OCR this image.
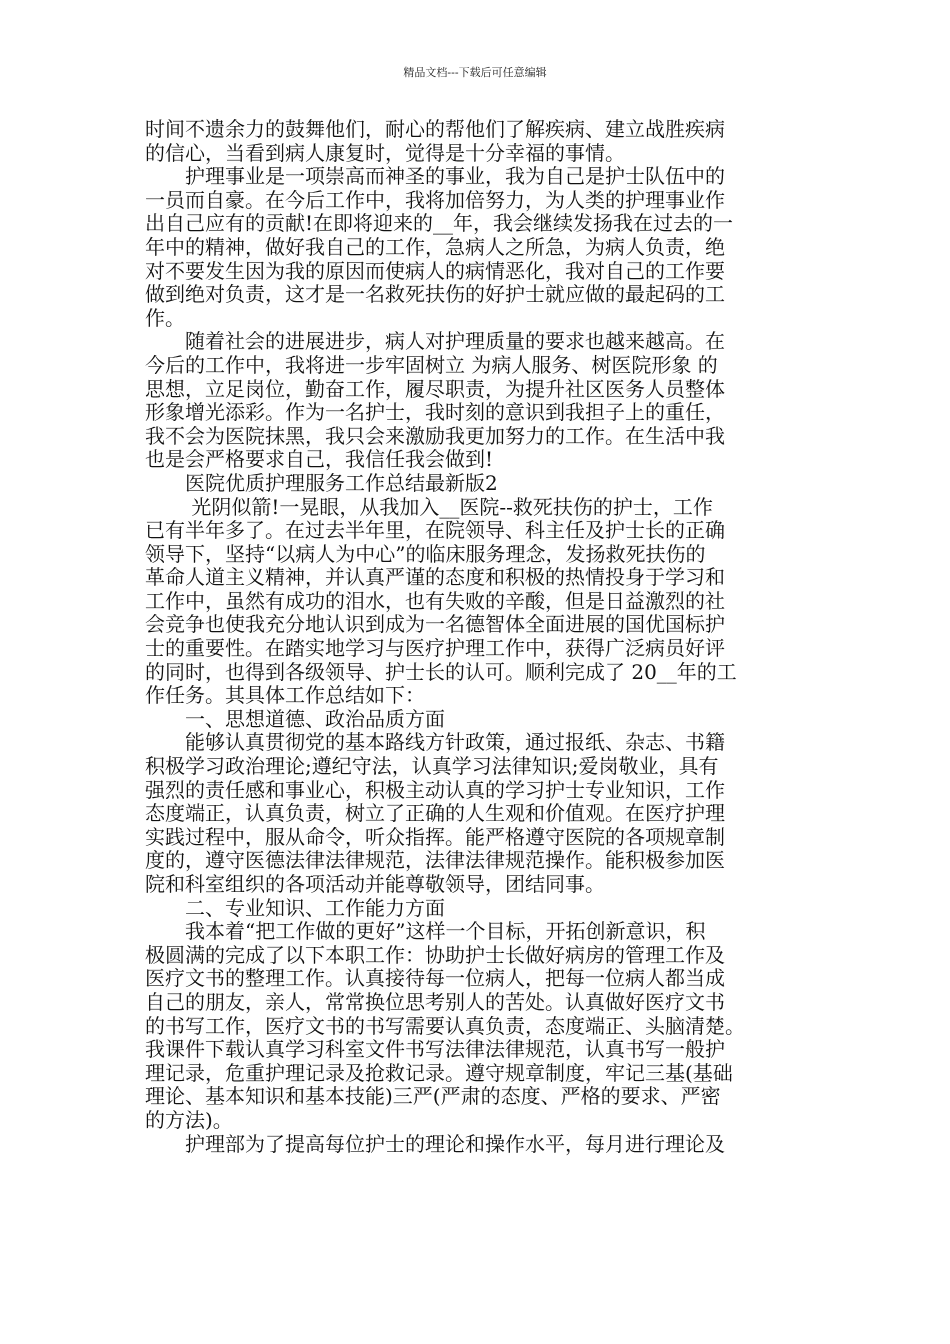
精品文档---下载后可任意编辑
时间不遗余力的鼓舞他们，耐心的帮他们了解疾病、建立战胜疾病
的信心，当看到病人康复时，觉得是十分幸福的事情。
　　护理事业是一项崇高而神圣的事业，我为自己是护士队伍中的
一员而自豪。在今后工作中，我将加倍努力，为人类的护理事业作
出自己应有的贡献!在即将迎来的__年，我会继续发扬我在过去的一
年中的精神，做好我自己的工作，急病人之所急，为病人负责，绝
对不要发生因为我的原因而使病人的病情恶化，我对自己的工作要
做到绝对负责，这才是一名救死扶伤的好护士就应做的最起码的工
作。
　　随着社会的进展进步，病人对护理质量的要求也越来越高。在
今后的工作中，我将进一步牢固树立 为病人服务、树医院形象 的
思想，立足岗位，勤奋工作，履尽职责，为提升社区医务人员整体
形象增光添彩。作为一名护士，我时刻的意识到我担子上的重任，
我不会为医院抹黑，我只会来激励我更加努力的工作。在生活中我
也是会严格要求自己，我信任我会做到!
　　医院优质护理服务工作总结最新版2
　　 光阴似箭!一晃眼，从我加入__医院--救死扶伤的护士，工作
已有半年多了。在过去半年里，在院领导、科主任及护士长的正确
领导下，坚持“以病人为中心”的临床服务理念，发扬救死扶伤的
革命人道主义精神，并认真严谨的态度和积极的热情投身于学习和
工作中，虽然有成功的泪水，也有失败的辛酸，但是日益激烈的社
会竞争也使我充分地认识到成为一名德智体全面进展的国优国标护
士的重要性。在踏实地学习与医疗护理工作中，获得广泛病员好评
的同时，也得到各级领导、护士长的认可。顺利完成了 20__年的工
作任务。其具体工作总结如下：
　　一、思想道德、政治品质方面
　　能够认真贯彻党的基本路线方针政策，通过报纸、杂志、书籍
积极学习政治理论;遵纪守法，认真学习法律知识;爱岗敬业，具有
强烈的责任感和事业心，积极主动认真的学习护士专业知识，工作
态度端正，认真负责，树立了正确的人生观和价值观。在医疗护理
实践过程中，服从命令，听众指挥。能严格遵守医院的各项规章制
度的，遵守医德法律法律规范，法律法律规范操作。能积极参加医
院和科室组织的各项活动并能尊敬领导，团结同事。
　　二、专业知识、工作能力方面
　　我本着“把工作做的更好”这样一个目标，开拓创新意识，积
极圆满的完成了以下本职工作：协助护士长做好病房的管理工作及
医疗文书的整理工作。认真接待每一位病人，把每一位病人都当成
自己的朋友，亲人，常常换位思考别人的苦处。认真做好医疗文书
的书写工作，医疗文书的书写需要认真负责，态度端正、头脑清楚。
我课件下载认真学习科室文件书写法律法律规范，认真书写一般护
理记录，危重护理记录及抢救记录。遵守规章制度，牢记三基(基础
理论、基本知识和基本技能)三严(严肃的态度、严格的要求、严密
的方法)。
　　护理部为了提高每位护士的理论和操作水平，每月进行理论及
